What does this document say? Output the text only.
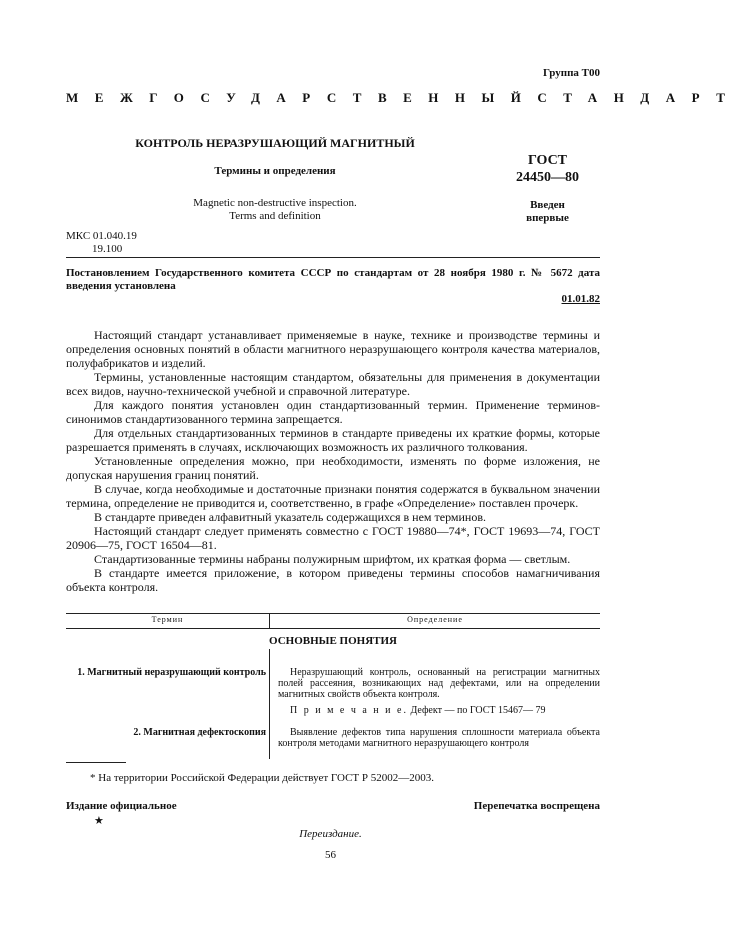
Группа Т00
МЕЖГОСУДАРСТВЕННЫЙ СТАНДАРТ
КОНТРОЛЬ НЕРАЗРУШАЮЩИЙ МАГНИТНЫЙ
Термины и определения
Magnetic non-destructive inspection.
Terms and definition
ГОСТ
24450—80
Введен
впервые
МКС 01.040.19
19.100
Постановлением Государственного комитета СССР по стандартам от 28 ноября 1980 г. № 5672 дата введения установлена
01.01.82

Настоящий стандарт устанавливает применяемые в науке, технике и производстве термины и определения основных понятий в области магнитного неразрушающего контроля качества материалов, полуфабрикатов и изделий.

Термины, установленные настоящим стандартом, обязательны для применения в документации всех видов, научно-технической учебной и справочной литературе.

Для каждого понятия установлен один стандартизованный термин. Применение терминов-синонимов стандартизованного термина запрещается.

Для отдельных стандартизованных терминов в стандарте приведены их краткие формы, которые разрешается применять в случаях, исключающих возможность их различного толкования.

Установленные определения можно, при необходимости, изменять по форме изложения, не допуская нарушения границ понятий.

В случае, когда необходимые и достаточные признаки понятия содержатся в буквальном значении термина, определение не приводится и, соответственно, в графе «Определение» поставлен прочерк.

В стандарте приведен алфавитный указатель содержащихся в нем терминов.

Настоящий стандарт следует применять совместно с ГОСТ 19880—74*, ГОСТ 19693—74, ГОСТ 20906—75, ГОСТ 16504—81.

Стандартизованные термины набраны полужирным шрифтом, их краткая форма — светлым.

В стандарте имеется приложение, в котором приведены термины способов намагничивания объекта контроля.

Термин	Определение
ОСНОВНЫЕ ПОНЯТИЯ
1. Магнитный неразрушающий контроль	Неразрушающий контроль, основанный на регистрации магнитных полей рассеяния, возникающих над дефектами, или на определении магнитных свойств объекта контроля.
П р и м е ч а н и е. Дефект — по ГОСТ 15467— 79
2. Магнитная дефектоскопия	Выявление дефектов типа нарушения сплошности материала объекта контроля методами магнитного неразрушающего контроля
* На территории Российской Федерации действует ГОСТ Р 52002—2003.
Издание официальное
★
Перепечатка воспрещена
Переиздание.
56
